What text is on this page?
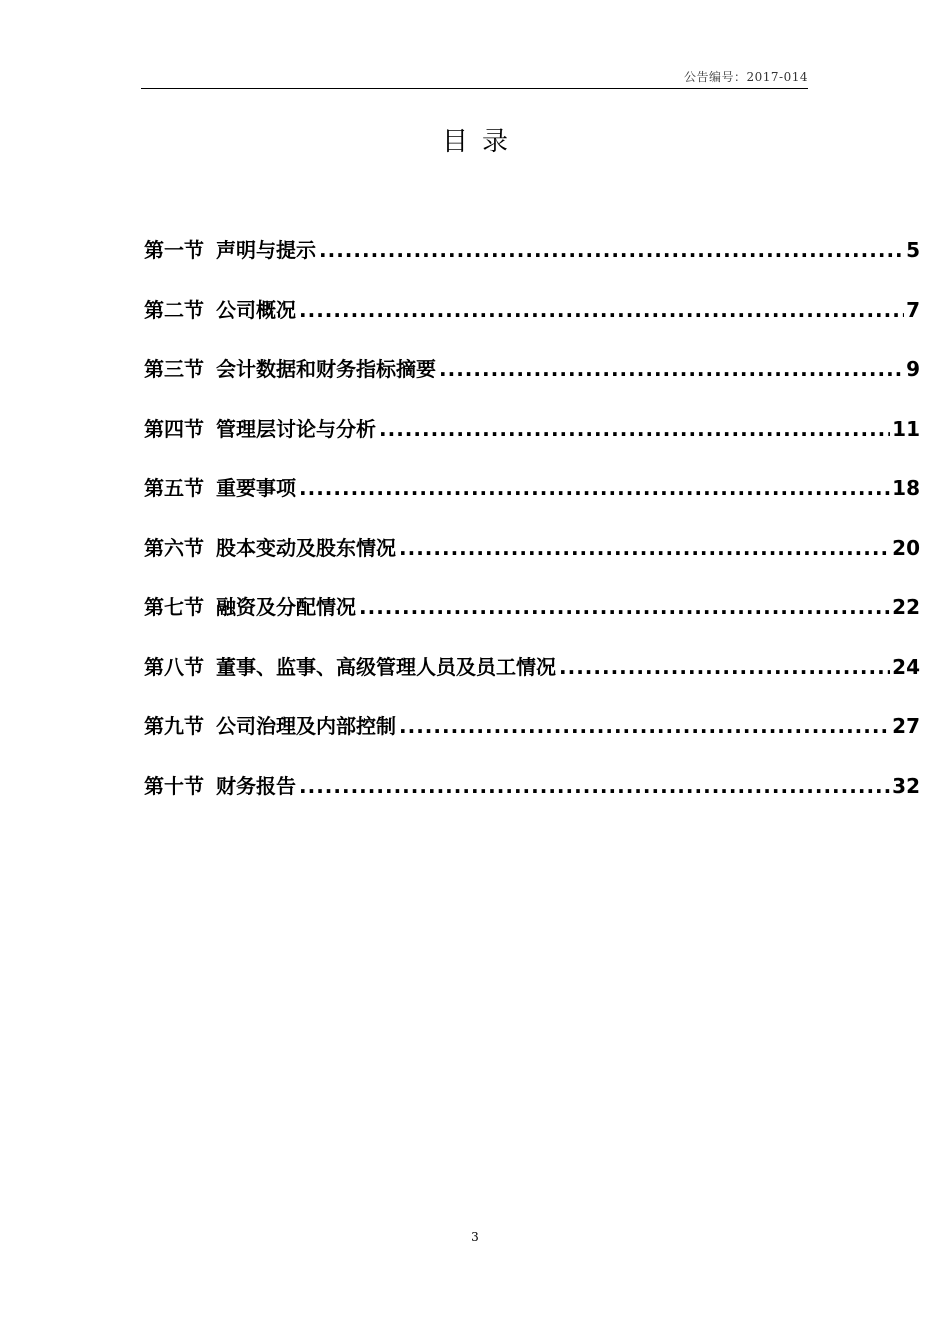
公告编号：2017-014
目录
第一节 声明与提示 .....	5
第二节 公司概况 .....	7
第三节 会计数据和财务指标摘要 .....	9
第四节 管理层讨论与分析 .....	11
第五节 重要事项 .....	18
第六节 股本变动及股东情况 .....	20
第七节 融资及分配情况 .....	22
第八节 董事、监事、高级管理人员及员工情况 .....	24
第九节 公司治理及内部控制 .....	27
第十节 财务报告 .....	32
3
